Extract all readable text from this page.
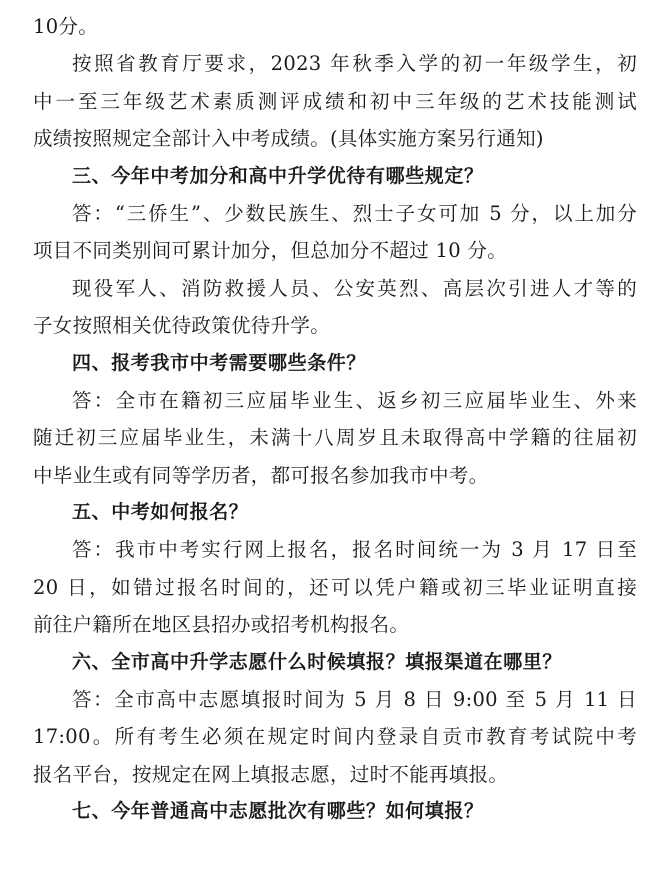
10分。
按照省教育厅要求，2023 年秋季入学的初一年级学生，初
中一至三年级艺术素质测评成绩和初中三年级的艺术技能测试
成绩按照规定全部计入中考成绩。(具体实施方案另行通知)
三、今年中考加分和高中升学优待有哪些规定？
答：“三侨生”、少数民族生、烈士子女可加 5 分，以上加分
项目不同类别间可累计加分，但总加分不超过 10 分。
现役军人、消防救援人员、公安英烈、高层次引进人才等的
子女按照相关优待政策优待升学。
四、报考我市中考需要哪些条件？
答：全市在籍初三应届毕业生、返乡初三应届毕业生、外来
随迁初三应届毕业生，未满十八周岁且未取得高中学籍的往届初
中毕业生或有同等学历者，都可报名参加我市中考。
五、中考如何报名？
答：我市中考实行网上报名，报名时间统一为 3 月 17 日至
20 日，如错过报名时间的，还可以凭户籍或初三毕业证明直接
前往户籍所在地区县招办或招考机构报名。
六、全市高中升学志愿什么时候填报？填报渠道在哪里？
答：全市高中志愿填报时间为 5 月 8 日 9:00 至 5 月 11 日
17:00。所有考生必须在规定时间内登录自贡市教育考试院中考
报名平台，按规定在网上填报志愿，过时不能再填报。
七、今年普通高中志愿批次有哪些？如何填报？
